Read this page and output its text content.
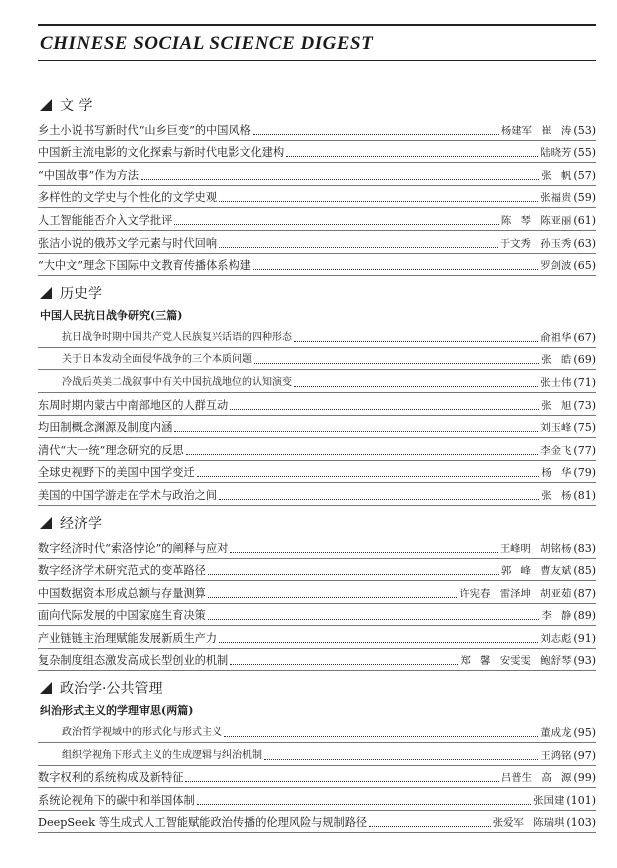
CHINESE SOCIAL SCIENCE DIGEST
文 学
乡土小说书写新时代“山乡巨变”的中国风格	杨建军 崔 涛 (53)
中国新主流电影的文化探索与新时代电影文化建构	陆晓芳 (55)
“中国故事”作为方法	张 帆 (57)
多样性的文学史与个性化的文学史观	张福贵 (59)
人工智能能否介入文学批评	陈 琴 陈亚丽 (61)
张洁小说的俄苏文学元素与时代回响	于文秀 孙玉秀 (63)
“大中文”理念下国际中文教育传播体系构建	罗剑波 (65)
历史学
中国人民抗日战争研究(三篇)
抗日战争时期中国共产党人民族复兴话语的四种形态	俞祖华 (67)
关于日本发动全面侵华战争的三个本质问题	张 皓 (69)
冷战后英美二战叙事中有关中国抗战地位的认知演变	张士伟 (71)
东周时期内蒙古中南部地区的人群互动	张 旭 (73)
均田制概念渊源及制度内涵	刘玉峰 (75)
清代“大一统”理念研究的反思	李金飞 (77)
全球史视野下的美国中国学变迁	杨 华 (79)
美国的中国学游走在学术与政治之间	张 杨 (81)
经济学
数字经济时代“索洛悖论”的阐释与应对	王峰明 胡铭杨 (83)
数字经济学术研究范式的变革路径	郭 峰 曹友斌 (85)
中国数据资本形成总额与存量测算	许宪春 雷泽坤 胡亚茹 (87)
面向代际发展的中国家庭生育决策	李 静 (89)
产业链链主治理赋能发展新质生产力	刘志彪 (91)
复杂制度组态激发高成长型创业的机制	郑 馨 安雯雯 鲍舒琴 (93)
政治学·公共管理
纠治形式主义的学理审思(两篇)
政治哲学视域中的形式化与形式主义	董成龙 (95)
组织学视角下形式主义的生成逻辑与纠治机制	王鸿铭 (97)
数字权利的系统构成及新特征	吕普生 高 源 (99)
系统论视角下的碳中和举国体制	张国建 (101)
DeepSeek 等生成式人工智能赋能政治传播的伦理风险与规制路径	张爱军 陈瑞琪 (103)
